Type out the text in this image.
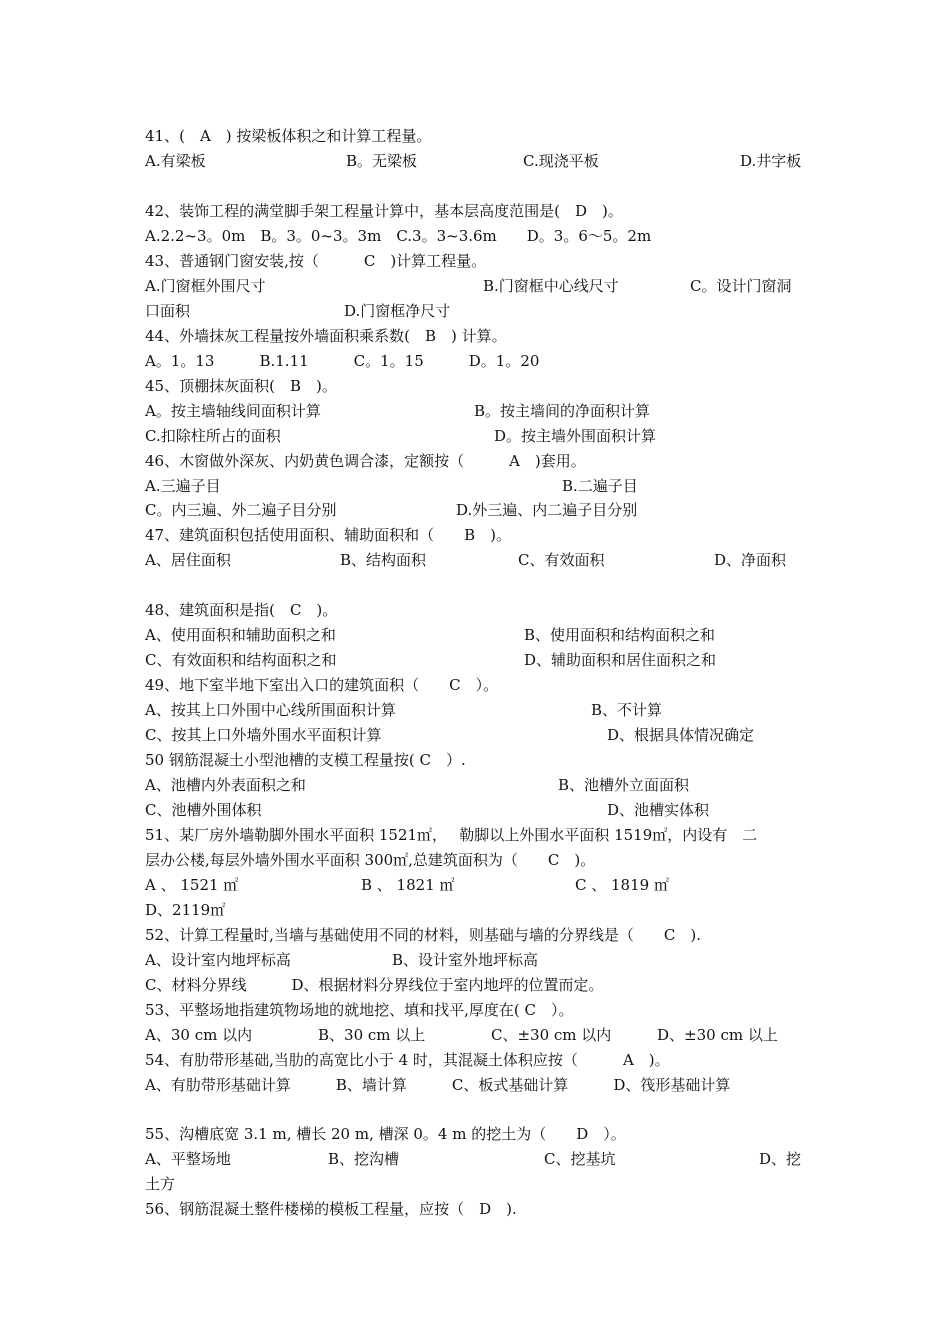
41、(　A　) 按梁板体积之和计算工程量。
A.有梁板	B。无梁板	C.现浇平板	D.井字板
42、装饰工程的满堂脚手架工程量计算中，基本层高度范围是(　D　)。
A.2.2~3。0m　B。3。0~3。3m　C.3。3~3.6m　　D。3。6～5。2m
43、普通钢门窗安装,按（　　　C　)计算工程量。
A.门窗框外围尺寸	B.门窗框中心线尺寸	C。设计门窗洞
口面积	D.门窗框净尺寸
44、外墙抹灰工程量按外墙面积乘系数(　B　) 计算。
A。1。13　　　B.1.11　　　C。1。15　　　D。1。20
45、顶棚抹灰面积(　B　)。
A。按主墙轴线间面积计算	B。按主墙间的净面积计算
C.扣除柱所占的面积	D。按主墙外围面积计算
46、木窗做外深灰、内奶黄色调合漆，定额按（　　　A　)套用。
A.三遍子目	B.二遍子目
C。内三遍、外二遍子目分别	D.外三遍、内二遍子目分别
47、建筑面积包括使用面积、辅助面积和（　　B　)。
A、居住面积	B、结构面积	C、有效面积	D、净面积
48、建筑面积是指(　C　)。
A、使用面积和辅助面积之和	B、使用面积和结构面积之和
C、有效面积和结构面积之和	D、辅助面积和居住面积之和
49、地下室半地下室出入口的建筑面积（　　C　）。
A、按其上口外围中心线所围面积计算	B、不计算
C、按其上口外墙外围水平面积计算	D、根据具体情况确定
50 钢筋混凝土小型池槽的支模工程量按( C　）.
A、池槽内外表面积之和	B、池槽外立面面积
C、池槽外围体积	D、池槽实体积
51、某厂房外墙勒脚外围水平面积 1521㎡，　 勒脚以上外围水平面积 1519㎡，内设有　二
层办公楼,每层外墙外围水平面积 300㎡,总建筑面积为（　　C　)。
A 、 1521 ㎡	B 、 1821 ㎡	C 、 1819 ㎡
D、2119㎡
52、计算工程量时,当墙与基础使用不同的材料，则基础与墙的分界线是（　　C　).
A、设计室内地坪标高	B、设计室外地坪标高
C、材料分界线　　　D、根据材料分界线位于室内地坪的位置而定。
53、平整场地指建筑物场地的就地挖、填和找平,厚度在( C　）。
A、30 cm 以内	B、30 cm 以上	C、±30 cm 以内	D、±30 cm 以上
54、有肋带形基础,当肋的高宽比小于 4 时，其混凝土体积应按（　　　A　)。
A、有肋带形基础计算　　　B、墙计算　　　C、板式基础计算　　　D、筏形基础计算
55、沟槽底宽 3.1 m, 槽长 20 m, 槽深 0。4 m 的挖土为（　　D　）。
A、平整场地	B、挖沟槽	C、挖基坑	D、挖
土方
56、钢筋混凝土整件楼梯的模板工程量，应按（　D　).
